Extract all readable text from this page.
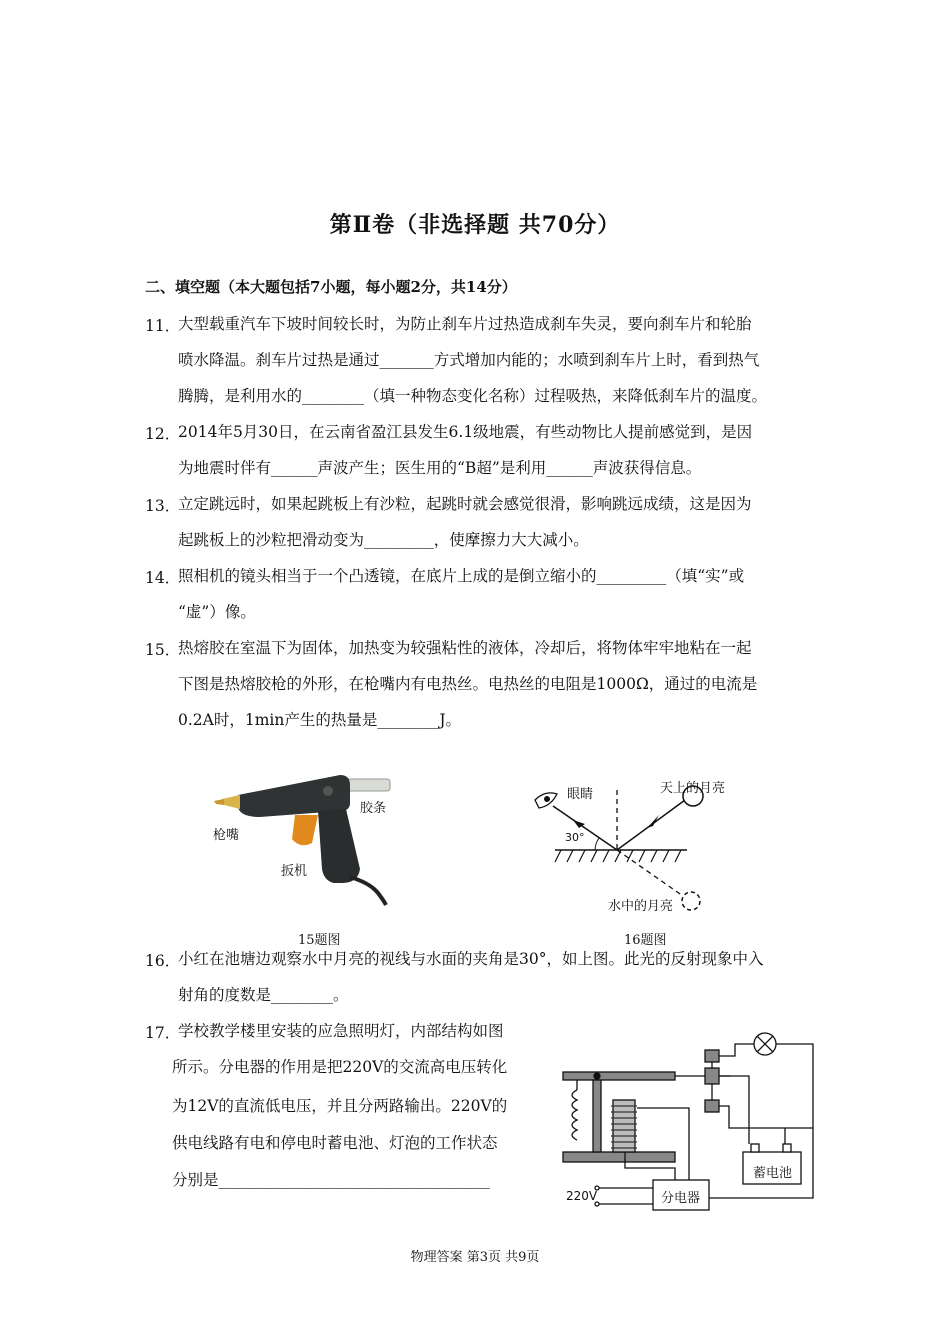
第Ⅱ卷（非选择题 共70分）
二、填空题（本大题包括7小题，每小题2分，共14分）
11．
大型载重汽车下坡时间较长时，为防止刹车片过热造成刹车失灵，要向刹车片和轮胎
喷水降温。刹车片过热是通过_______方式增加内能的；水喷到刹车片上时，看到热气
腾腾，是利用水的________（填一种物态变化名称）过程吸热，来降低刹车片的温度。
12．
2014年5月30日，在云南省盈江县发生6.1级地震，有些动物比人提前感觉到，是因
为地震时伴有______声波产生；医生用的“B超”是利用______声波获得信息。
13．
立定跳远时，如果起跳板上有沙粒，起跳时就会感觉很滑，影响跳远成绩，这是因为
起跳板上的沙粒把滑动变为_________，使摩擦力大大减小。
14．
照相机的镜头相当于一个凸透镜，在底片上成的是倒立缩小的_________（填“实”或
“虚”）像。
15．
热熔胶在室温下为固体，加热变为较强粘性的液体，冷却后，将物体牢牢地粘在一起
下图是热熔胶枪的外形，在枪嘴内有电热丝。电热丝的电阻是1000Ω，通过的电流是
0.2A时，1min产生的热量是________J。
枪嘴
胶条
扳机
15题图
眼睛	天上的月亮
30°
水中的月亮
16题图
16．
小红在池塘边观察水中月亮的视线与水面的夹角是30°，如上图。此光的反射现象中入
射角的度数是________。
17．
学校教学楼里安装的应急照明灯，内部结构如图
所示。分电器的作用是把220V的交流高电压转化
为12V的直流低电压，并且分两路输出。220V的
供电线路有电和停电时蓄电池、灯泡的工作状态
分别是___________________________________	蓄电池
分电器
220V
物理答案 第3页 共9页
